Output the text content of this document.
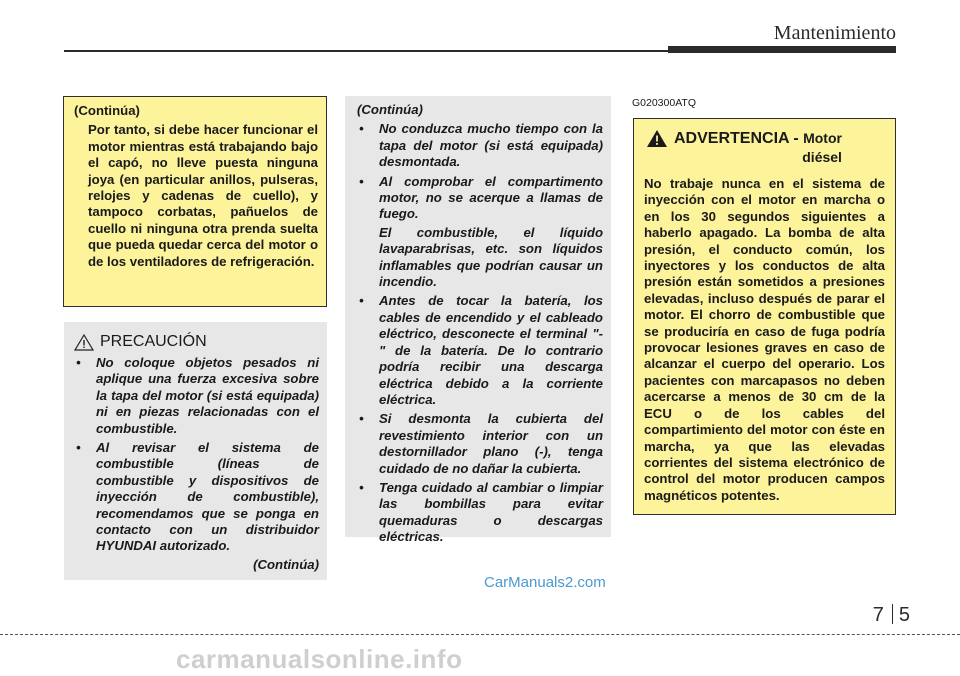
Mantenimiento
(Continúa)
Por tanto, si debe hacer funcionar el motor mientras está trabajando bajo el capó, no lleve puesta ninguna joya (en particular anillos, pulseras, relojes y cadenas de cuello), y tampoco corbatas, pañuelos de cuello ni ninguna otra prenda suelta que pueda quedar cerca del motor o de los ventiladores de refrigeración.
PRECAUCIÓN
• No coloque objetos pesados ni aplique una fuerza excesiva sobre la tapa del motor (si está equipada) ni en piezas relacionadas con el combustible.
• Al revisar el sistema de combustible (líneas de combustible y dispositivos de inyección de combustible), recomendamos que se ponga en contacto con un distribuidor HYUNDAI autorizado.
(Continúa)
(Continúa)
• No conduzca mucho tiempo con la tapa del motor (si está equipada) desmontada.
• Al comprobar el compartimento motor, no se acerque a llamas de fuego.
El combustible, el líquido lavaparabrisas, etc. son líquidos inflamables que podrían causar un incendio.
• Antes de tocar la batería, los cables de encendido y el cableado eléctrico, desconecte el terminal "-" de la batería. De lo contrario podría recibir una descarga eléctrica debido a la corriente eléctrica.
• Si desmonta la cubierta del revestimiento interior con un destornillador plano (-), tenga cuidado de no dañar la cubierta.
• Tenga cuidado al cambiar o limpiar las bombillas para evitar quemaduras o descargas eléctricas.
G020300ATQ
ADVERTENCIA - Motor
diésel
No trabaje nunca en el sistema de inyección con el motor en marcha o en los 30 segundos siguientes a haberlo apagado. La bomba de alta presión, el conducto común, los inyectores y los conductos de alta presión están sometidos a presiones elevadas, incluso después de parar el motor. El chorro de combustible que se produciría en caso de fuga podría provocar lesiones graves en caso de alcanzar el cuerpo del operario. Los pacientes con marcapasos no deben acercarse a menos de 30 cm de la ECU o de los cables del compartimiento del motor con éste en marcha, ya que las elevadas corrientes del sistema electrónico de control del motor producen campos magnéticos potentes.
CarManuals2.com
7 5
carmanualsonline.info
